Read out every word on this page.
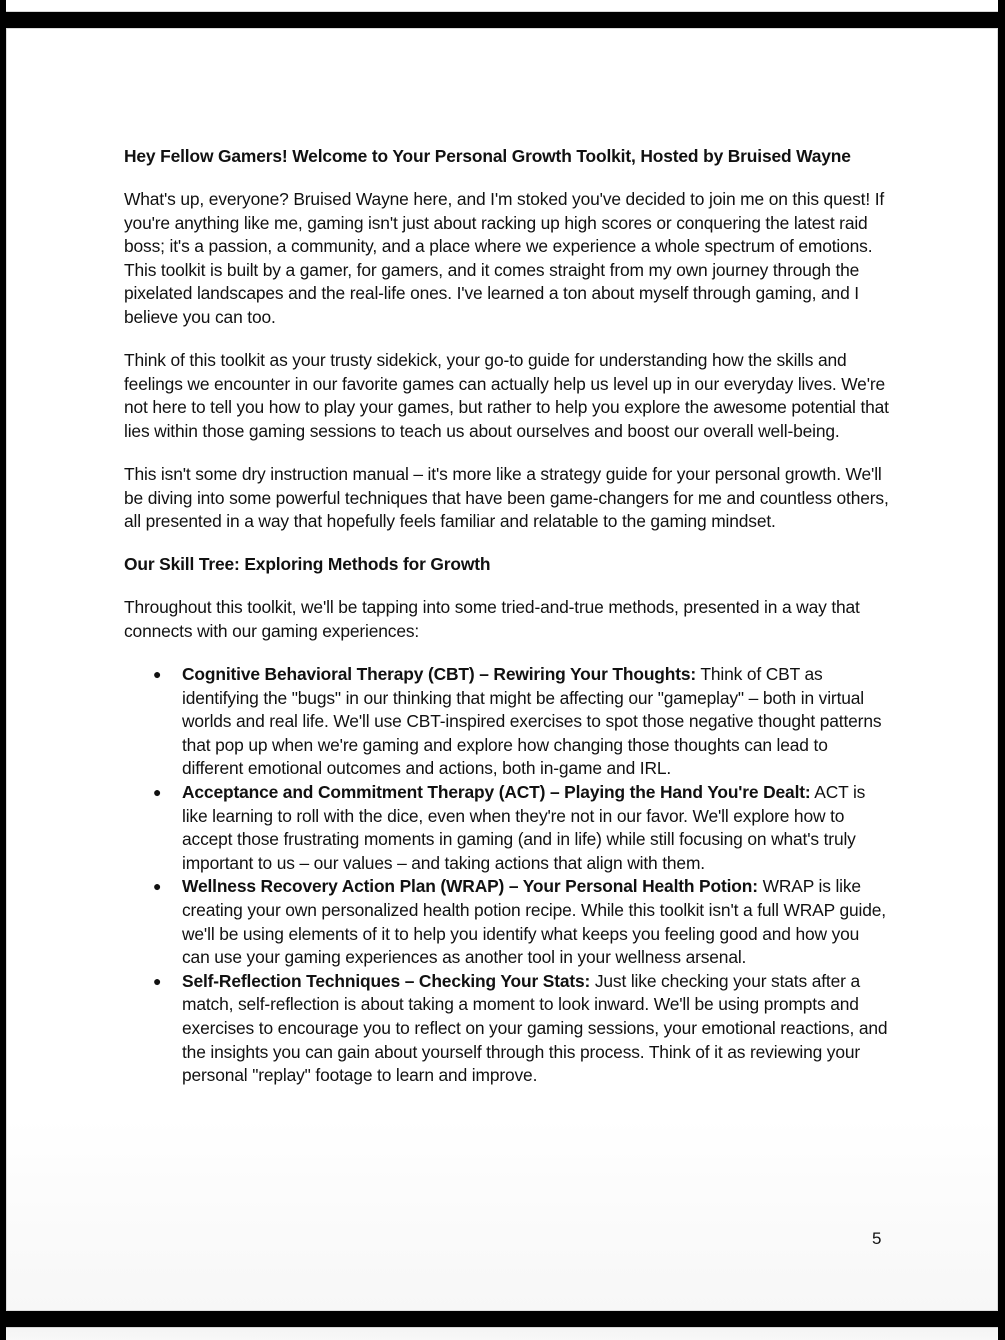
Hey Fellow Gamers! Welcome to Your Personal Growth Toolkit, Hosted by Bruised Wayne

What's up, everyone? Bruised Wayne here, and I'm stoked you've decided to join me on this quest! If you're anything like me, gaming isn't just about racking up high scores or conquering the latest raid boss; it's a passion, a community, and a place where we experience a whole spectrum of emotions. This toolkit is built by a gamer, for gamers, and it comes straight from my own journey through the pixelated landscapes and the real-life ones. I've learned a ton about myself through gaming, and I believe you can too.

Think of this toolkit as your trusty sidekick, your go-to guide for understanding how the skills and feelings we encounter in our favorite games can actually help us level up in our everyday lives. We're not here to tell you how to play your games, but rather to help you explore the awesome potential that lies within those gaming sessions to teach us about ourselves and boost our overall well-being.

This isn't some dry instruction manual – it's more like a strategy guide for your personal growth. We'll be diving into some powerful techniques that have been game-changers for me and countless others, all presented in a way that hopefully feels familiar and relatable to the gaming mindset.

Our Skill Tree: Exploring Methods for Growth

Throughout this toolkit, we'll be tapping into some tried-and-true methods, presented in a way that connects with our gaming experiences:

● Cognitive Behavioral Therapy (CBT) – Rewiring Your Thoughts: Think of CBT as identifying the "bugs" in our thinking that might be affecting our "gameplay" – both in virtual worlds and real life. We'll use CBT-inspired exercises to spot those negative thought patterns that pop up when we're gaming and explore how changing those thoughts can lead to different emotional outcomes and actions, both in-game and IRL.
● Acceptance and Commitment Therapy (ACT) – Playing the Hand You're Dealt: ACT is like learning to roll with the dice, even when they're not in our favor. We'll explore how to accept those frustrating moments in gaming (and in life) while still focusing on what's truly important to us – our values – and taking actions that align with them.
● Wellness Recovery Action Plan (WRAP) – Your Personal Health Potion: WRAP is like creating your own personalized health potion recipe. While this toolkit isn't a full WRAP guide, we'll be using elements of it to help you identify what keeps you feeling good and how you can use your gaming experiences as another tool in your wellness arsenal.
● Self-Reflection Techniques – Checking Your Stats: Just like checking your stats after a match, self-reflection is about taking a moment to look inward. We'll be using prompts and exercises to encourage you to reflect on your gaming sessions, your emotional reactions, and the insights you can gain about yourself through this process. Think of it as reviewing your personal "replay" footage to learn and improve.
5
